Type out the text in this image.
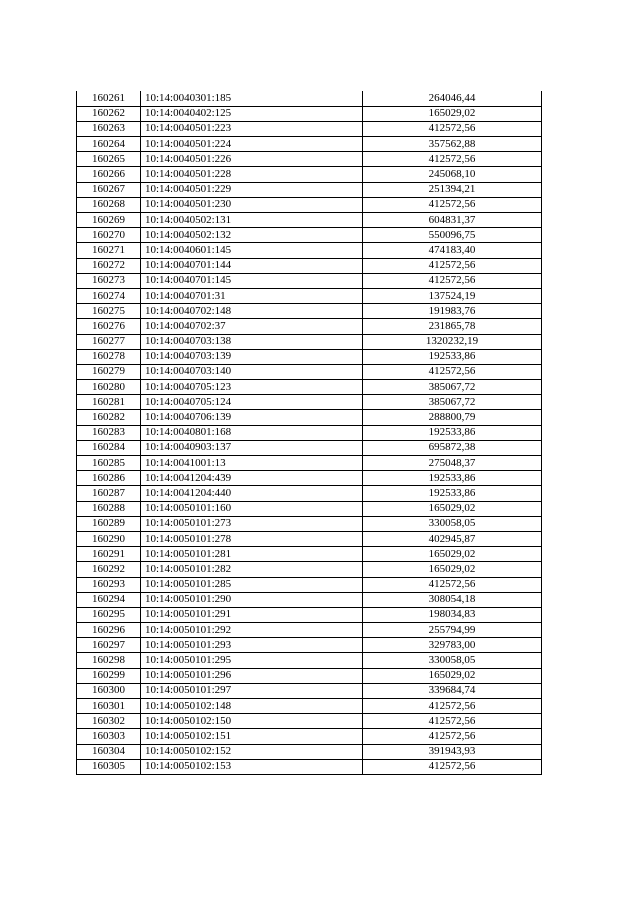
160261	10:14:0040301:185	264046,44
160262	10:14:0040402:125	165029,02
160263	10:14:0040501:223	412572,56
160264	10:14:0040501:224	357562,88
160265	10:14:0040501:226	412572,56
160266	10:14:0040501:228	245068,10
160267	10:14:0040501:229	251394,21
160268	10:14:0040501:230	412572,56
160269	10:14:0040502:131	604831,37
160270	10:14:0040502:132	550096,75
160271	10:14:0040601:145	474183,40
160272	10:14:0040701:144	412572,56
160273	10:14:0040701:145	412572,56
160274	10:14:0040701:31	137524,19
160275	10:14:0040702:148	191983,76
160276	10:14:0040702:37	231865,78
160277	10:14:0040703:138	1320232,19
160278	10:14:0040703:139	192533,86
160279	10:14:0040703:140	412572,56
160280	10:14:0040705:123	385067,72
160281	10:14:0040705:124	385067,72
160282	10:14:0040706:139	288800,79
160283	10:14:0040801:168	192533,86
160284	10:14:0040903:137	695872,38
160285	10:14:0041001:13	275048,37
160286	10:14:0041204:439	192533,86
160287	10:14:0041204:440	192533,86
160288	10:14:0050101:160	165029,02
160289	10:14:0050101:273	330058,05
160290	10:14:0050101:278	402945,87
160291	10:14:0050101:281	165029,02
160292	10:14:0050101:282	165029,02
160293	10:14:0050101:285	412572,56
160294	10:14:0050101:290	308054,18
160295	10:14:0050101:291	198034,83
160296	10:14:0050101:292	255794,99
160297	10:14:0050101:293	329783,00
160298	10:14:0050101:295	330058,05
160299	10:14:0050101:296	165029,02
160300	10:14:0050101:297	339684,74
160301	10:14:0050102:148	412572,56
160302	10:14:0050102:150	412572,56
160303	10:14:0050102:151	412572,56
160304	10:14:0050102:152	391943,93
160305	10:14:0050102:153	412572,56
